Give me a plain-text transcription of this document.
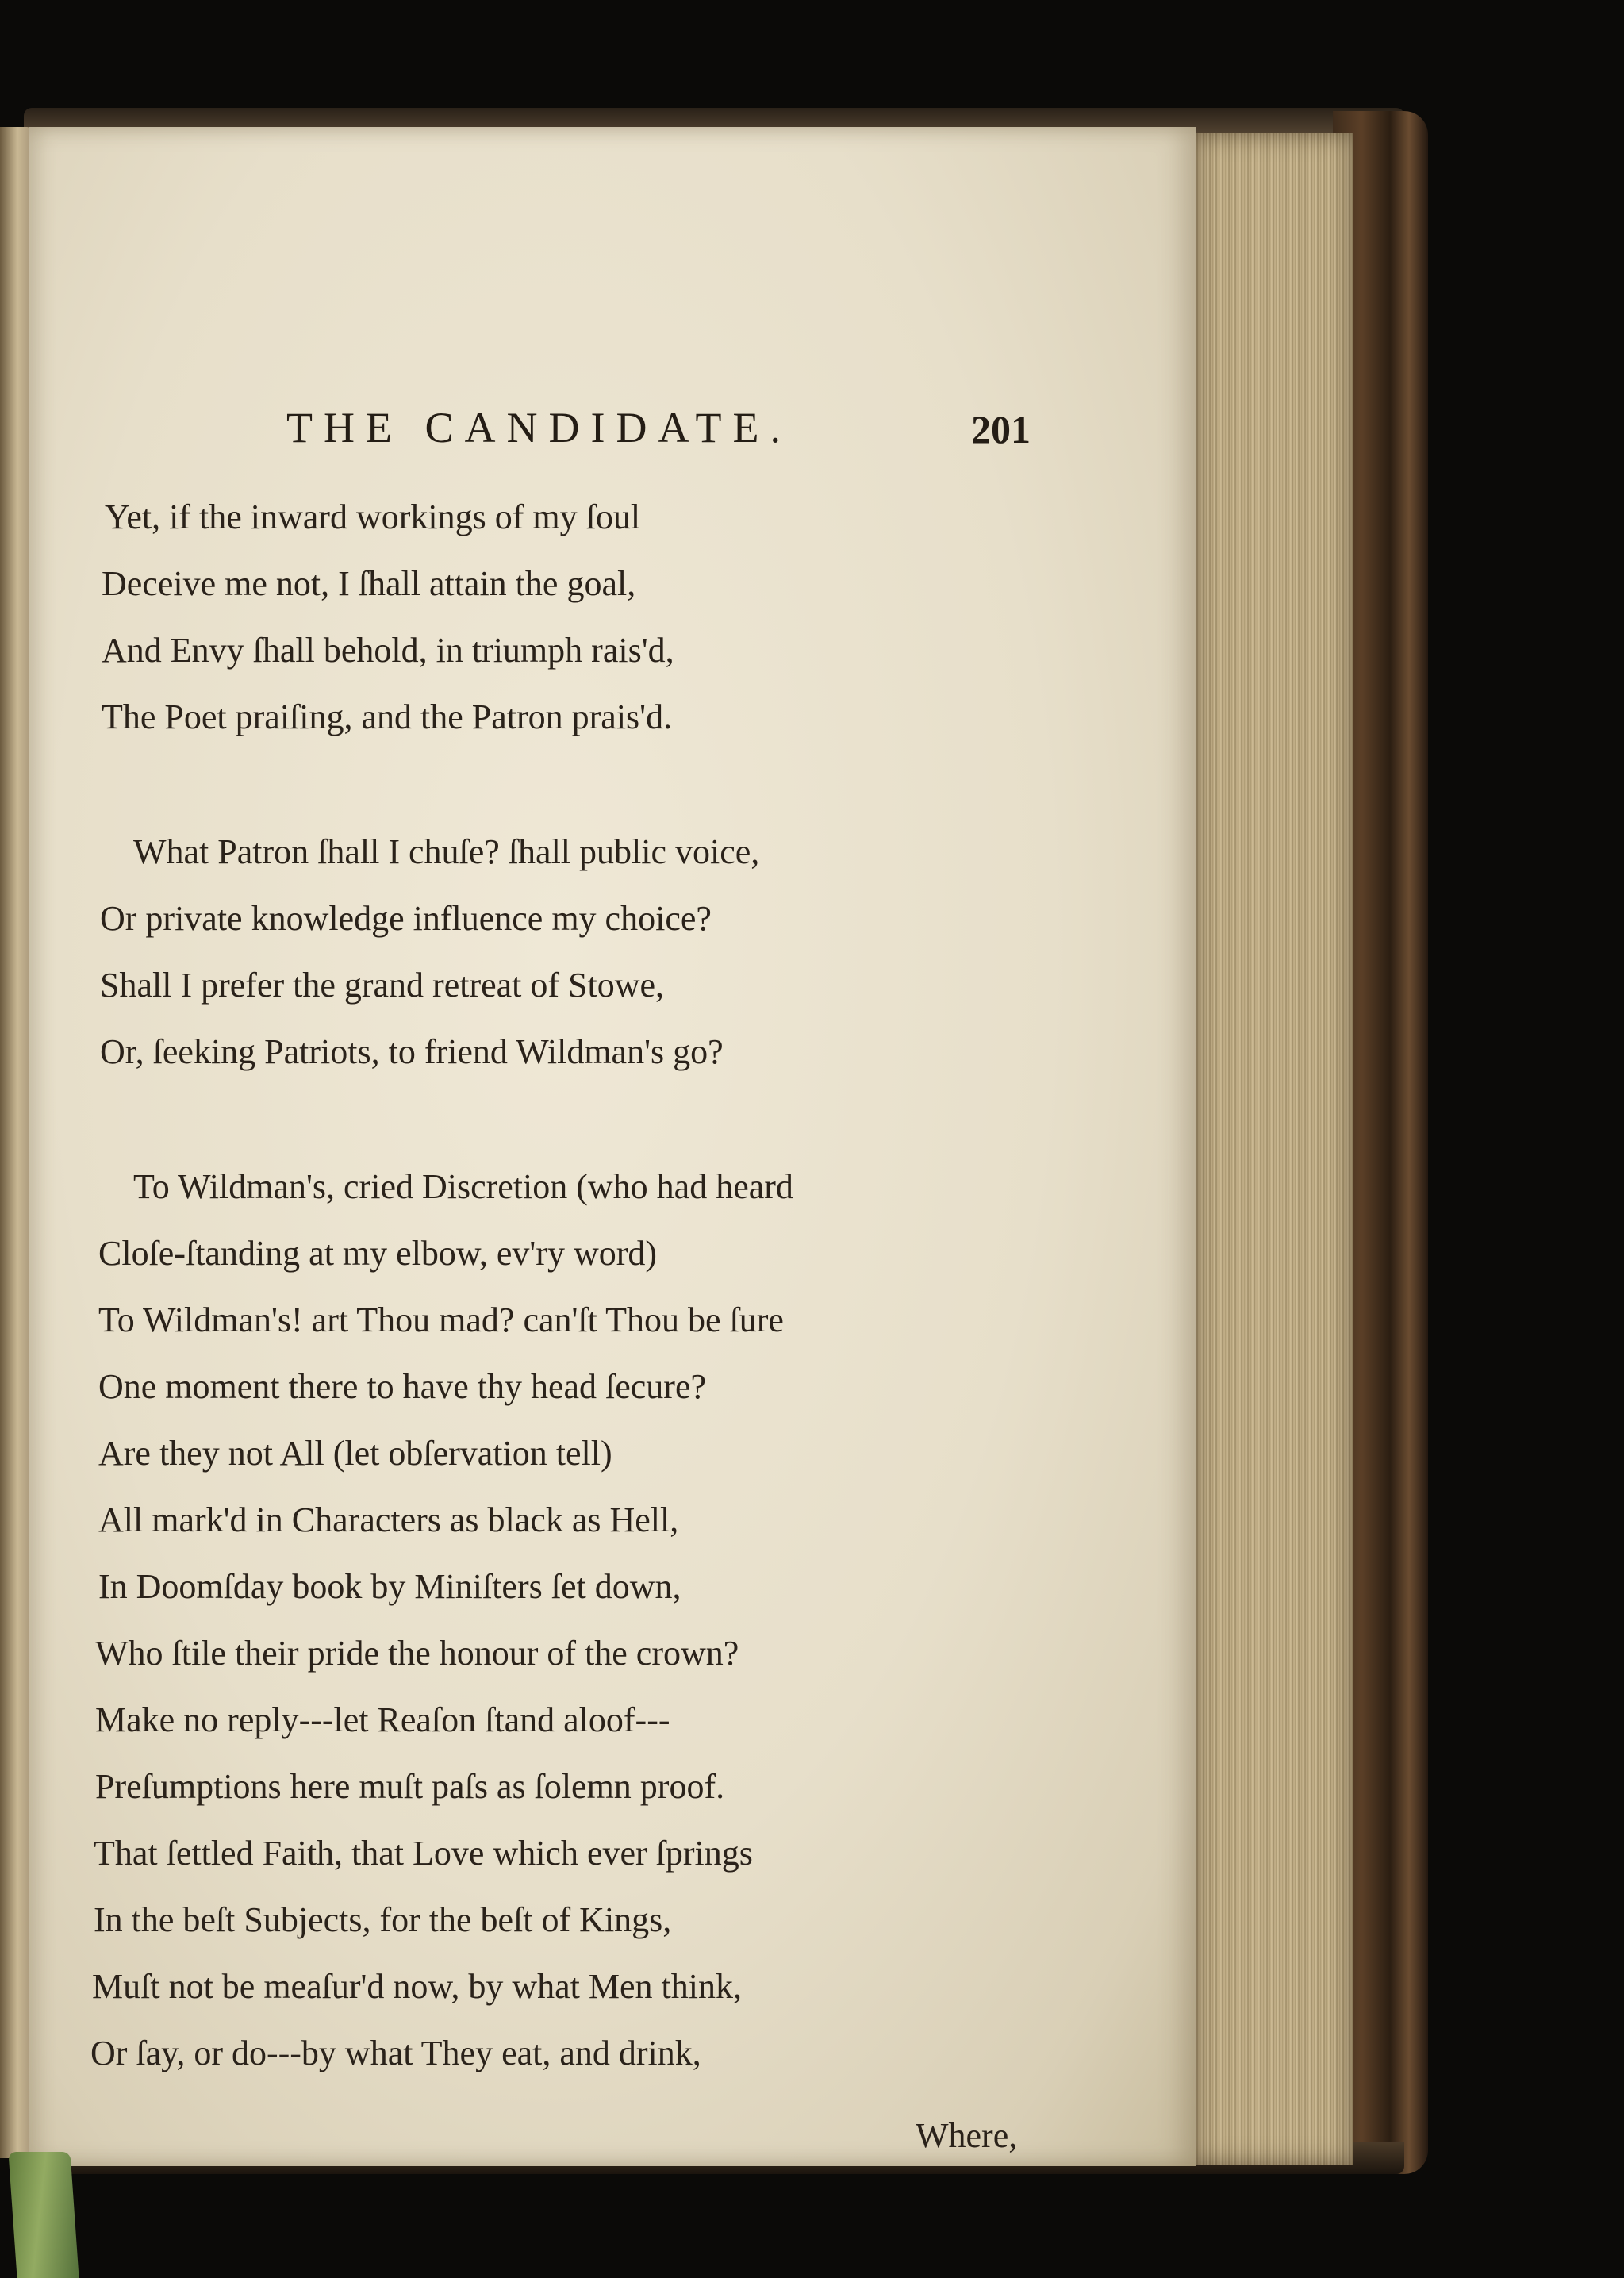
THE CANDIDATE.	201
Yet, if the inward workings of my ſoul
Deceive me not, I ſhall attain the goal,
And Envy ſhall behold, in triumph rais'd,
The Poet praiſing, and the Patron prais'd.
What Patron ſhall I chuſe? ſhall public voice,
Or private knowledge influence my choice?
Shall I prefer the grand retreat of Stowe,
Or, ſeeking Patriots, to friend Wildman's go?
To Wildman's, cried Discretion (who had heard
Cloſe-ſtanding at my elbow, ev'ry word)
To Wildman's! art Thou mad? can'ſt Thou be ſure
One moment there to have thy head ſecure?
Are they not All (let obſervation tell)
All mark'd in Characters as black as Hell,
In Doomſday book by Miniſters ſet down,
Who ſtile their pride the honour of the crown?
Make no reply---let Reaſon ſtand aloof---
Preſumptions here muſt paſs as ſolemn proof.
That ſettled Faith, that Love which ever ſprings
In the beſt Subjects, for the beſt of Kings,
Muſt not be meaſur'd now, by what Men think,
Or ſay, or do---by what They eat, and drink,
Where,
